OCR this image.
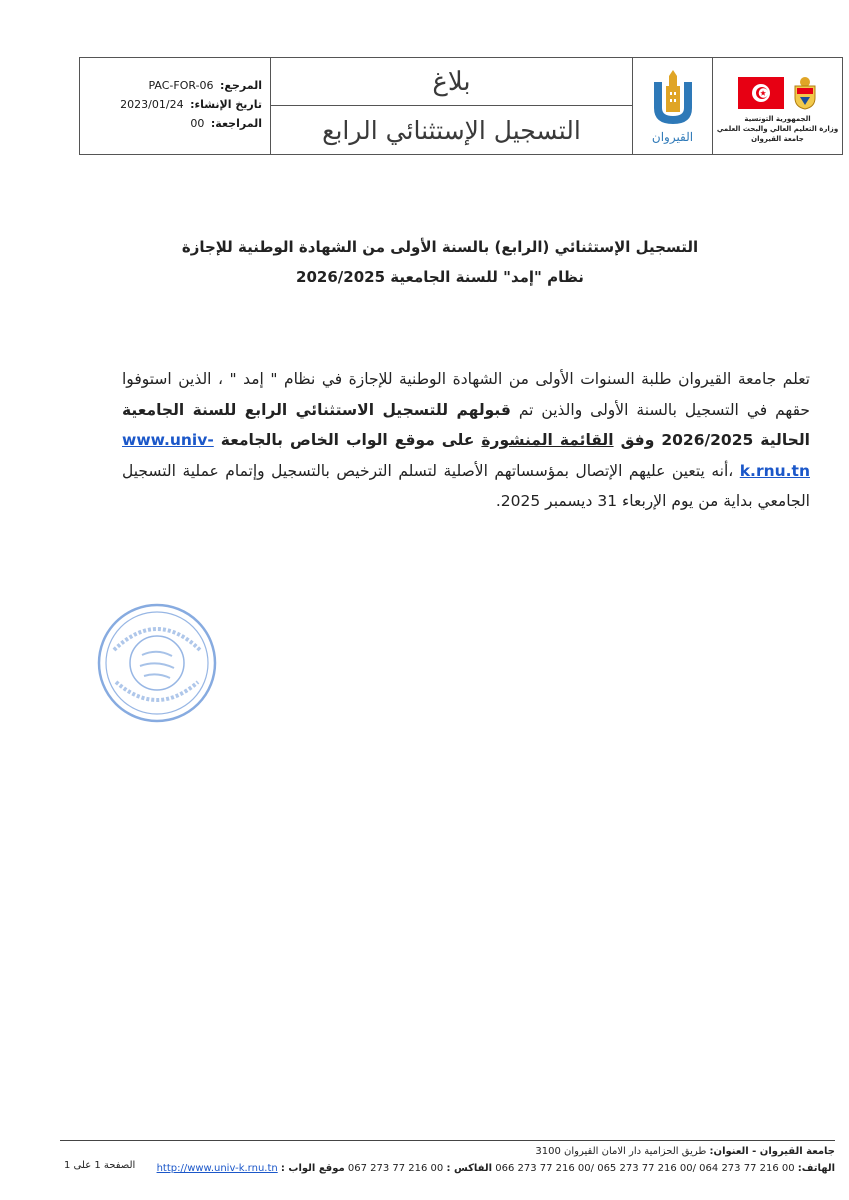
المرجع: PAC-FOR-06
تاريخ الإنشاء: 2023/01/24
المراجعة: 00
بلاغ
التسجيل الإستثنائي الرابع	القيروان
الجمهورية التونسية
وزارة التعليم العالي والبحث العلمي
جامعة القيروان
التسجيل الإستثنائي (الرابع) بالسنة الأولى من الشهادة الوطنية للإجازة
نظام "إمد" للسنة الجامعية 2026/2025
تعلم جامعة القيروان طلبة السنوات الأولى من الشهادة الوطنية للإجازة في نظام " إمد " ، الذين استوفوا حقهم في التسجيل بالسنة الأولى والذين تم قبولهم للتسجيل الاستثنائي الرابع للسنة الجامعية الحالية 2026/2025 وفق القائمة المنشورة على موقع الواب الخاص بالجامعة www.univ-k.rnu.tn ،أنه يتعين عليهم الإتصال بمؤسساتهم الأصلية لتسلم الترخيص بالتسجيل وإتمام عملية التسجيل الجامعي بداية من يوم الإربعاء 31 ديسمبر 2025.
جامعة القيروان - العنوان: طريق الحزامية دار الامان القيروان 3100
الهاتف: 066 273 77 216 00/ 065 273 77 216 00/ 064 273 77 216 00 الفاكس : 067 273 77 216 00 موقع الواب : http://www.univ-k.rnu.tn
الصفحة 1 على 1
